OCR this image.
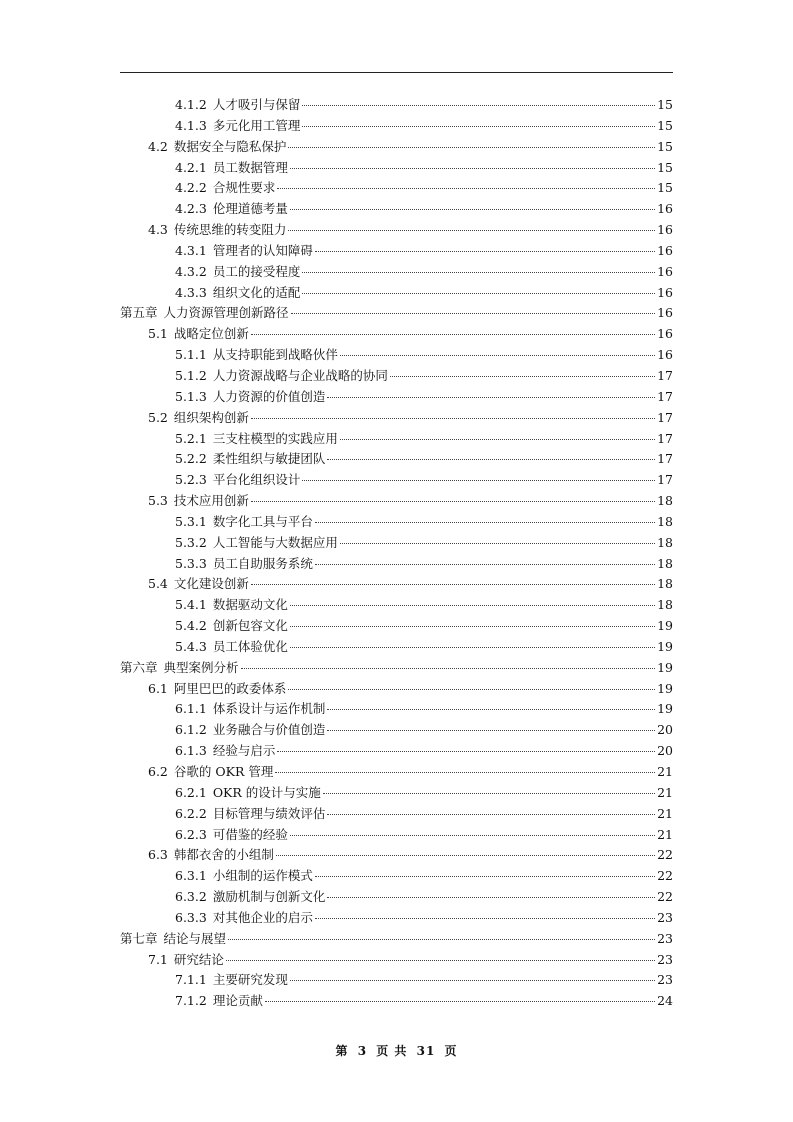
4.1.2 人才吸引与保留	15
4.1.3 多元化用工管理	15
4.2 数据安全与隐私保护	15
4.2.1 员工数据管理	15
4.2.2 合规性要求	15
4.2.3 伦理道德考量	16
4.3 传统思维的转变阻力	16
4.3.1 管理者的认知障碍	16
4.3.2 员工的接受程度	16
4.3.3 组织文化的适配	16
第五章 人力资源管理创新路径	16
5.1 战略定位创新	16
5.1.1 从支持职能到战略伙伴	16
5.1.2 人力资源战略与企业战略的协同	17
5.1.3 人力资源的价值创造	17
5.2 组织架构创新	17
5.2.1 三支柱模型的实践应用	17
5.2.2 柔性组织与敏捷团队	17
5.2.3 平台化组织设计	17
5.3 技术应用创新	18
5.3.1 数字化工具与平台	18
5.3.2 人工智能与大数据应用	18
5.3.3 员工自助服务系统	18
5.4 文化建设创新	18
5.4.1 数据驱动文化	18
5.4.2 创新包容文化	19
5.4.3 员工体验优化	19
第六章 典型案例分析	19
6.1 阿里巴巴的政委体系	19
6.1.1 体系设计与运作机制	19
6.1.2 业务融合与价值创造	20
6.1.3 经验与启示	20
6.2 谷歌的 OKR 管理	21
6.2.1 OKR 的设计与实施	21
6.2.2 目标管理与绩效评估	21
6.2.3 可借鉴的经验	21
6.3 韩都衣舍的小组制	22
6.3.1 小组制的运作模式	22
6.3.2 激励机制与创新文化	22
6.3.3 对其他企业的启示	23
第七章 结论与展望	23
7.1 研究结论	23
7.1.1 主要研究发现	23
7.1.2 理论贡献	24
第 3 页 共 31 页
